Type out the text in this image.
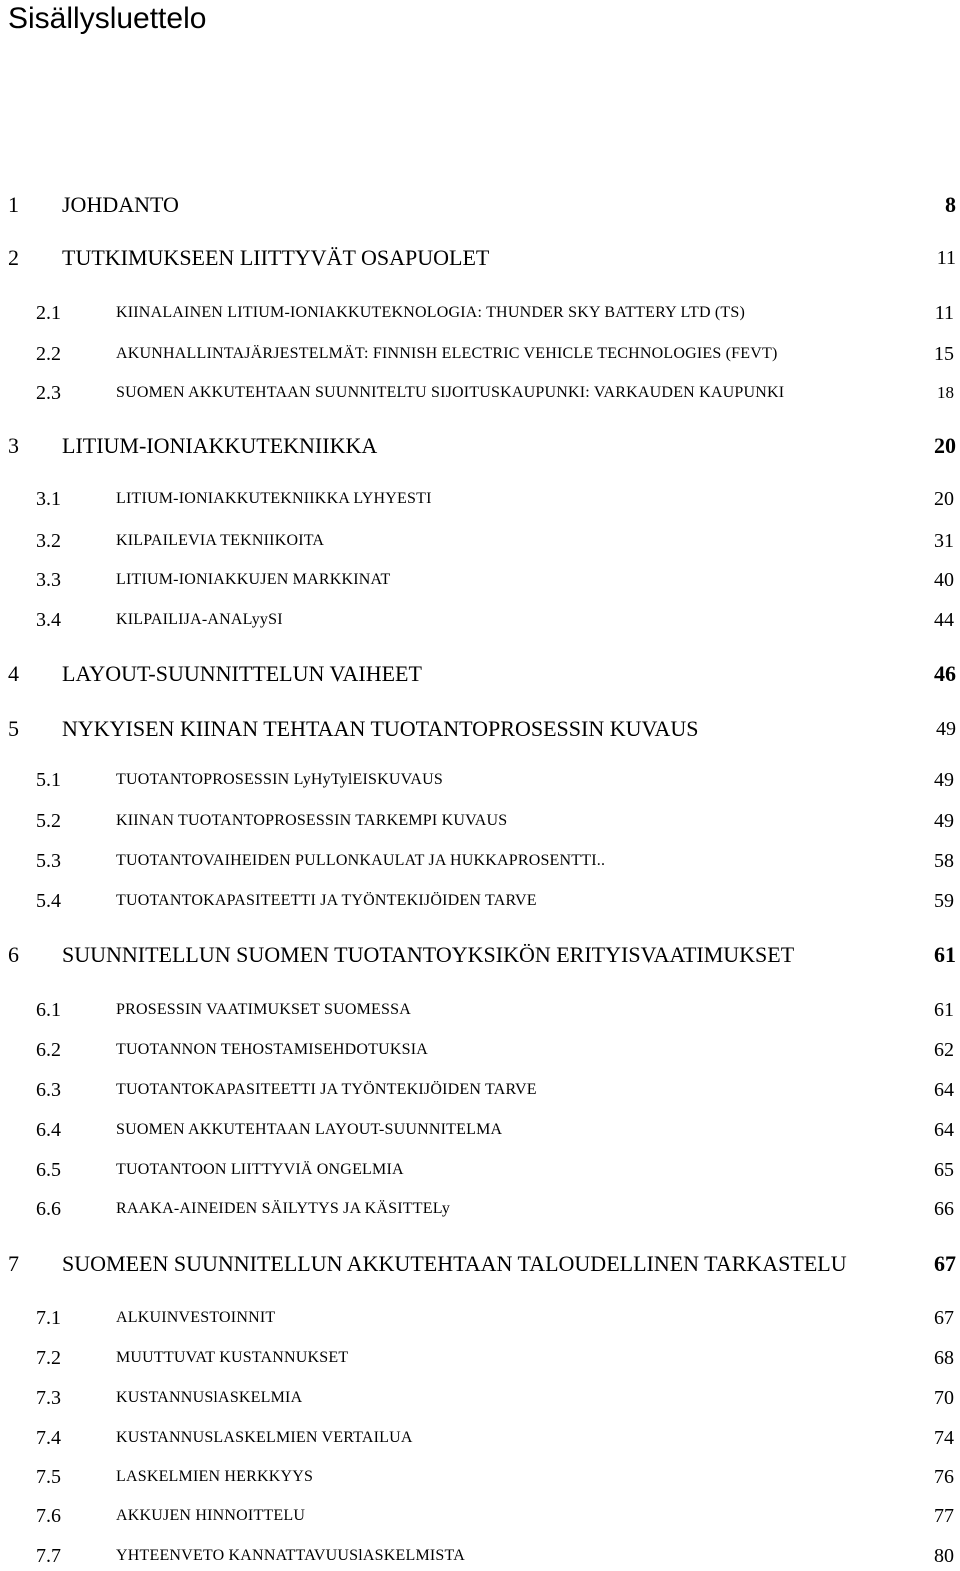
Sisällysluettelo
1 JOHDANTO	8
2 TUTKIMUKSEEN LIITTYVÄT OSAPUOLET	11
2.1	KIINALAINEN LITIUM-IONIAKKUTEKNOLOGIA: THUNDER SKY BATTERY LTD (TS)	11
2.2	AKUNHALLINTAJÄRJESTELMÄT: FINNISH ELECTRIC VEHICLE TECHNOLOGIES (FEVT)	15
2.3	SUOMEN AKKUTEHTAAN SUUNNITELTU SIJOITUSKAUPUNKI: VARKAUDEN KAUPUNKI	18
3 LITIUM-IONIAKKUTEKNIIKKA	20
3.1	LITIUM-IONIAKKUTEKNIIKKA LYHYESTI	20
3.2	KILPAILEVIA TEKNIIKOITA	31
3.3	LITIUM-IONIAKKUJEN MARKKINAT	40
3.4	KILPAILIJA-ANALyySI	44
4 LAYOUT-SUUNNITTELUN VAIHEET	46
5 NYKYISEN KIINAN TEHTAAN TUOTANTOPROSESSIN KUVAUS	49
5.1	TUOTANTOPROSESSIN LyHyTylEISKUVAUS	49
5.2	KIINAN TUOTANTOPROSESSIN TARKEMPI KUVAUS	49
5.3	TUOTANTOVAIHEIDEN PULLONKAULAT JA HUKKAPROSENTTI..	58
5.4	TUOTANTOKAPASITEETTI JA TYÖNTEKIJÖIDEN TARVE	59
6 SUUNNITELLUN SUOMEN TUOTANTOYKSIKÖN ERITYISVAATIMUKSET	61
6.1	PROSESSIN VAATIMUKSET SUOMESSA	61
6.2	TUOTANNON TEHOSTAMISEHDOTUKSIA	62
6.3	TUOTANTOKAPASITEETTI JA TYÖNTEKIJÖIDEN TARVE	64
6.4	SUOMEN AKKUTEHTAAN LAYOUT-SUUNNITELMA	64
6.5	TUOTANTOON LIITTYVIÄ ONGELMIA	65
6.6	RAAKA-AINEIDEN SÄILYTYS JA KÄSITTELy	66
7 SUOMEEN SUUNNITELLUN AKKUTEHTAAN TALOUDELLINEN TARKASTELU	67
7.1	ALKUINVESTOINNIT	67
7.2	MUUTTUVAT KUSTANNUKSET	68
7.3	KUSTANNUSlASKELMIA	70
7.4	KUSTANNUSLASKELMIEN VERTAILUA	74
7.5	LASKELMIEN HERKKYYS	76
7.6	AKKUJEN HINNOITTELU	77
7.7	YHTEENVETO KANNATTAVUUSlASKELMISTA	80
